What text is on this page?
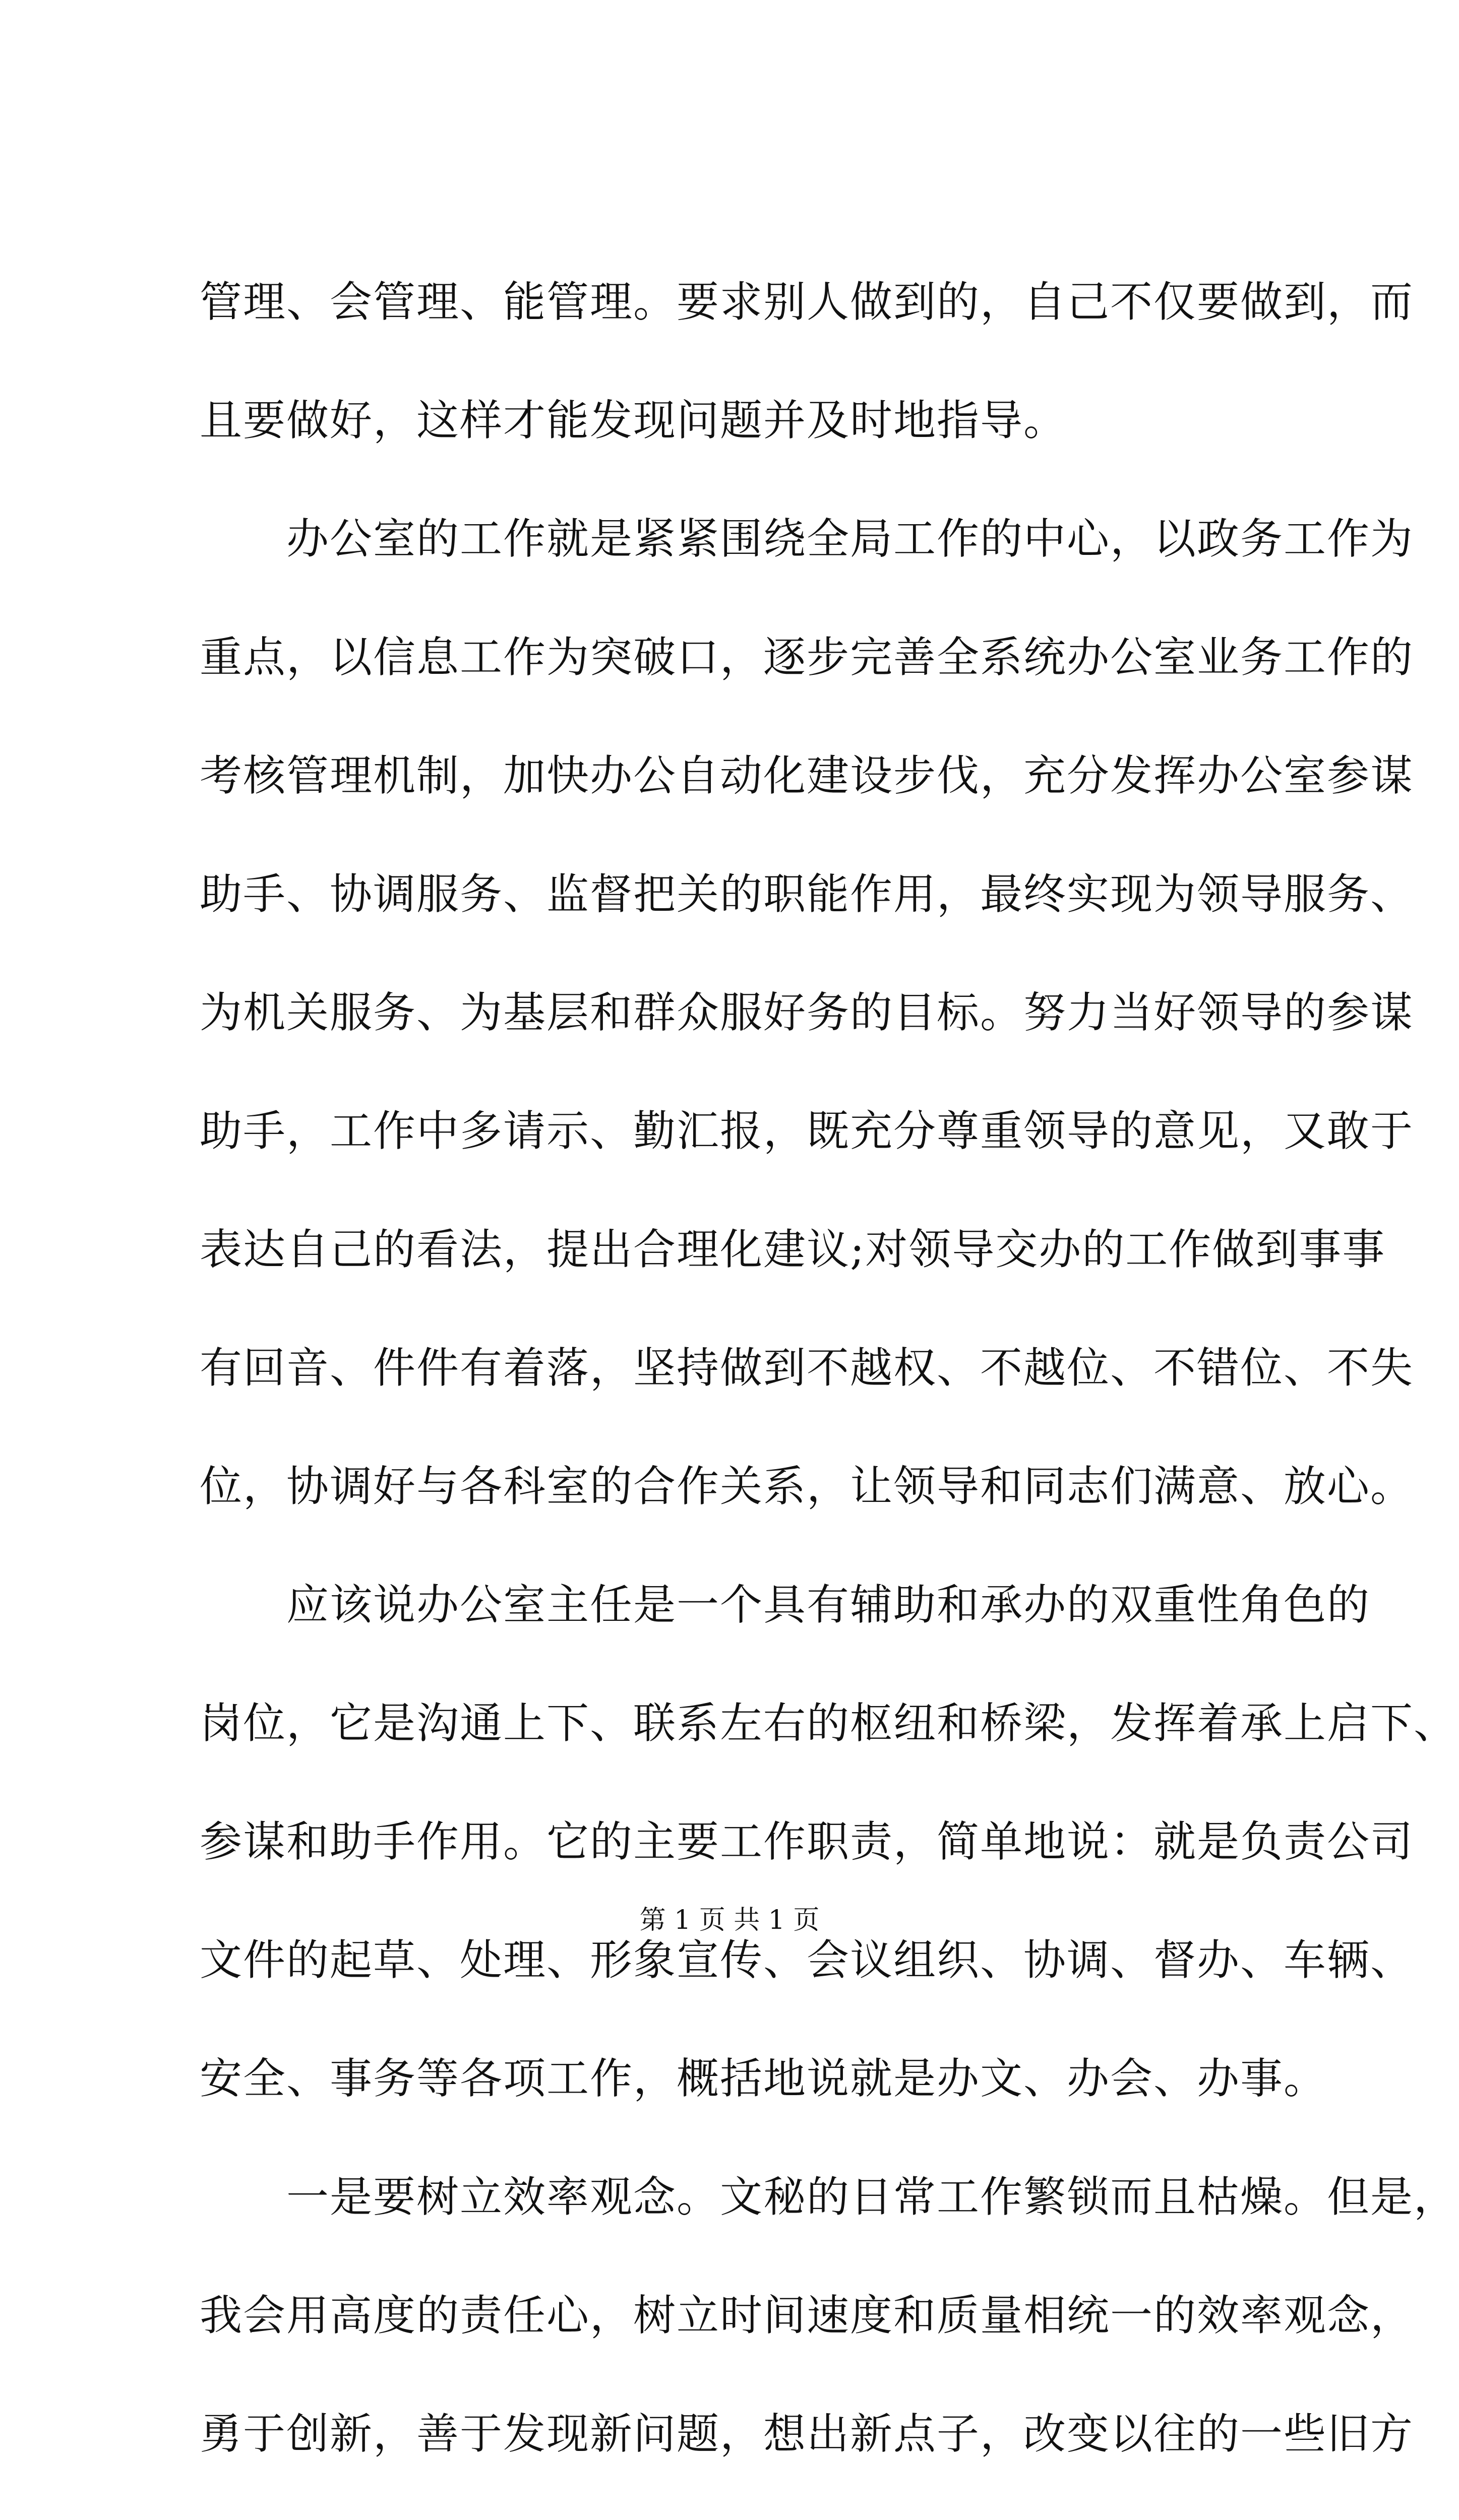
管理、会管理、能管理。要求别人做到的，自己不仅要做到，而
且要做好，这样才能发现问题并及时地指导。
　　办公室的工作就是紧紧围绕全局工作的中心，以政务工作为
重点，以信息工作为突破口，逐步完善全系统办公室业务工作的
考核管理机制，加快办公自动化建设步伐，充分发挥办公室参谋
助手、协调服务、监督把关的职能作用，最终实现为领导服务、
为机关服务、为基层和群众服好务的目标。努力当好领导的参谋
助手，工作中多请示、勤汇报，既充分尊重领导的意见，又敢于
表达自己的看法，提出合理化建议;对领导交办的工作做到事事
有回音、件件有着落，坚持做到不越权、不越位、不错位、不失
位，协调好与各科室的合作关系，让领导和同志们满意、放心。
　　应该说办公室主任是一个具有辅助和承办的双重性角色的
岗位，它是沟通上下、联系左右的枢纽和桥梁，发挥着承上启下、
参谋和助手作用。它的主要工作职责，简单地说：就是负责公司
文件的起草、处理、形象宣传、会议组织、协调、督办、车辆、
安全、事务等各项工作，概括地说就是办文、办会、办事。
　　一是要树立效率观念。文秘的日常工作繁锁而且枯燥。但是，
我会用高度的责任心，树立时间速度和质量相统一的效率观念，
勇于创新，善于发现新问题，想出新点子，改变以往的一些旧方
第 1 页 共 1 页
